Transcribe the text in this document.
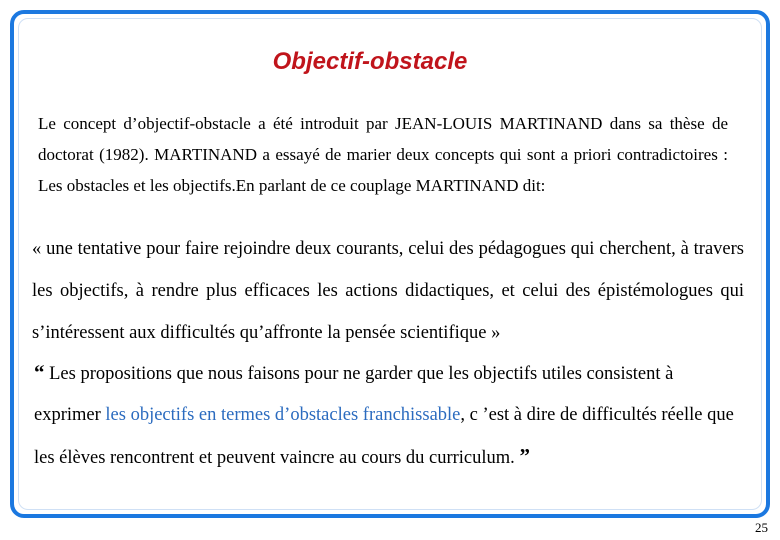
Objectif-obstacle
Le concept d’objectif-obstacle a été introduit par JEAN-LOUIS MARTINAND dans sa thèse de doctorat (1982). MARTINAND a essayé de marier deux concepts qui sont a priori contradictoires : Les obstacles et les objectifs.En parlant de ce couplage MARTINAND dit:
« une tentative pour faire rejoindre deux courants, celui des pédagogues qui cherchent, à travers les objectifs, à rendre plus efficaces les actions didactiques, et celui des épistémologues qui s’intéressent aux difficultés qu’affronte la pensée scientifique »
“ Les propositions que nous faisons pour ne garder que les objectifs utiles consistent à exprimer les objectifs en termes d’obstacles franchissable, c ’est à dire de difficultés réelle que les élèves rencontrent et peuvent vaincre au cours du curriculum. ”
25
